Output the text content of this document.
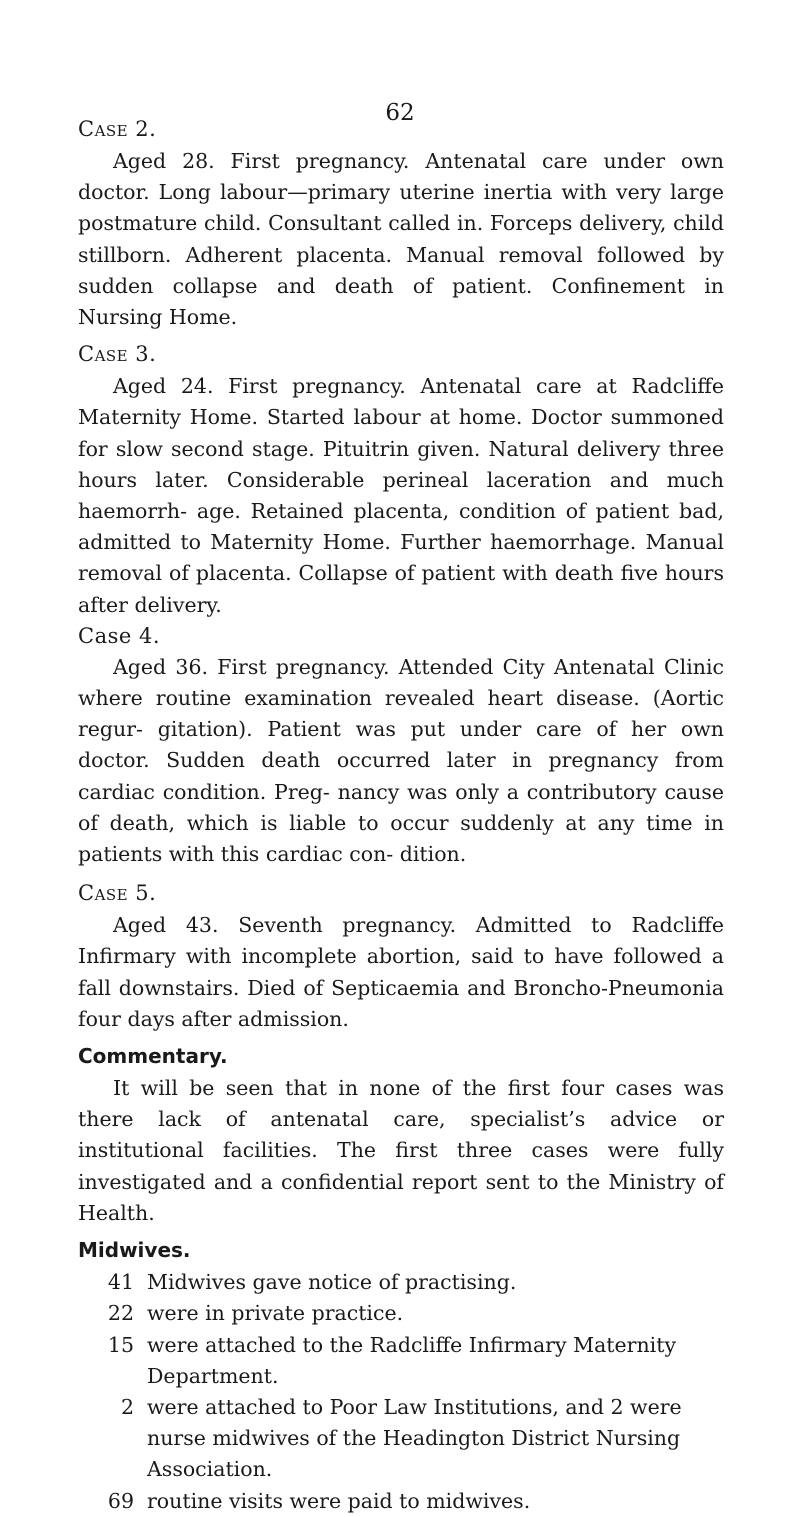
62
Case 2.

Aged 28. First pregnancy. Antenatal care under own doctor. Long labour—primary uterine inertia with very large postmature child. Consultant called in. Forceps delivery, child stillborn. Adherent placenta. Manual removal followed by sudden collapse and death of patient. Confinement in Nursing Home.

Case 3.

Aged 24. First pregnancy. Antenatal care at Radcliffe Maternity Home. Started labour at home. Doctor summoned for slow second stage. Pituitrin given. Natural delivery three hours later. Considerable perineal laceration and much haemorrh- age. Retained placenta, condition of patient bad, admitted to Maternity Home. Further haemorrhage. Manual removal of placenta. Collapse of patient with death five hours after delivery.

Case 4.

Aged 36. First pregnancy. Attended City Antenatal Clinic where routine examination revealed heart disease. (Aortic regur- gitation). Patient was put under care of her own doctor. Sudden death occurred later in pregnancy from cardiac condition. Preg- nancy was only a contributory cause of death, which is liable to occur suddenly at any time in patients with this cardiac con- dition.

Case 5.

Aged 43. Seventh pregnancy. Admitted to Radcliffe Infirmary with incomplete abortion, said to have followed a fall downstairs. Died of Septicaemia and Broncho-Pneumonia four days after admission.

Commentary.

It will be seen that in none of the first four cases was there lack of antenatal care, specialist’s advice or institutional facilities. The first three cases were fully investigated and a confidential report sent to the Ministry of Health.

Midwives.
41 Midwives gave notice of practising.
22 were in private practice.
15 were attached to the Radcliffe Infirmary Maternity Department.
2 were attached to Poor Law Institutions, and 2 were nurse midwives of the Headington District Nursing Association.
69 routine visits were paid to midwives.
